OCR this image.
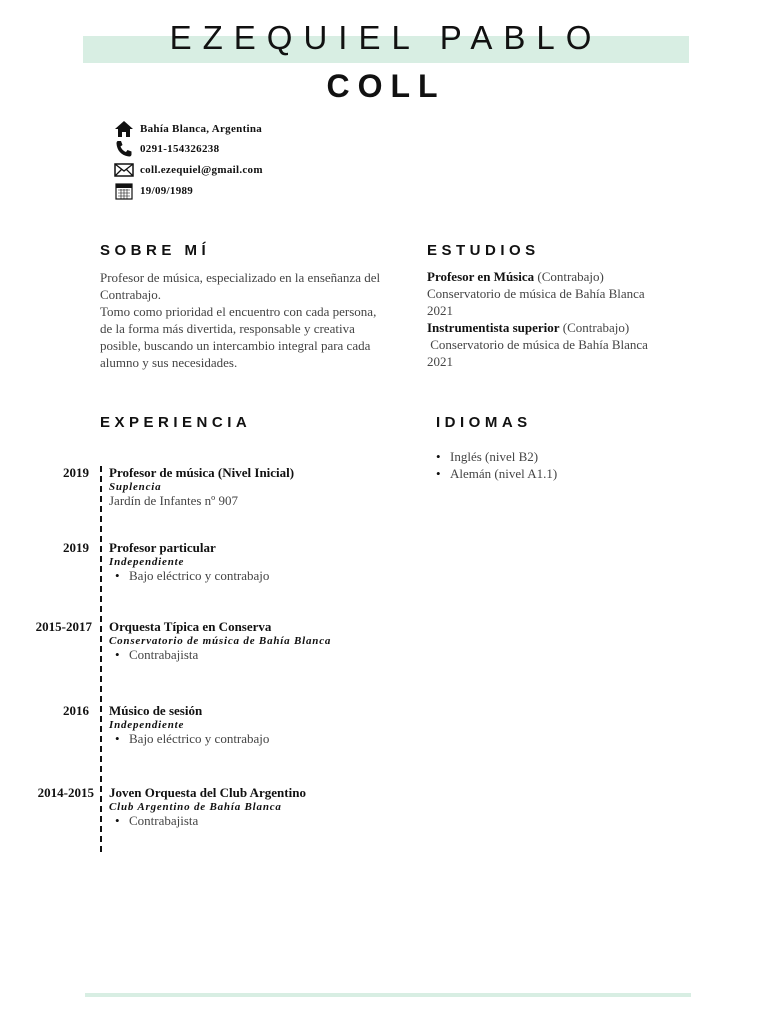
EZEQUIEL PABLO
COLL
Bahía Blanca, Argentina
0291-154326238
coll.ezequiel@gmail.com
19/09/1989
SOBRE MÍ
Profesor de música, especializado en la enseñanza del Contrabajo.
Tomo como prioridad el encuentro con cada persona, de la forma más divertida, responsable y creativa posible, buscando un intercambio integral para cada alumno y sus necesidades.
ESTUDIOS
Profesor en Música (Contrabajo)
Conservatorio de música de Bahía Blanca
2021
Instrumentista superior (Contrabajo)
Conservatorio de música de Bahía Blanca
2021
EXPERIENCIA
2019 Profesor de música (Nivel Inicial)
Suplencia
Jardín de Infantes nº 907
2019 Profesor particular
Independiente
• Bajo eléctrico y contrabajo
2015-2017 Orquesta Típica en Conserva
Conservatorio de música de Bahía Blanca
• Contrabajista
2016 Músico de sesión
Independiente
• Bajo eléctrico y contrabajo
2014-2015 Joven Orquesta del Club Argentino
Club Argentino de Bahía Blanca
• Contrabajista
IDIOMAS
• Inglés (nivel B2)
• Alemán (nivel A1.1)
